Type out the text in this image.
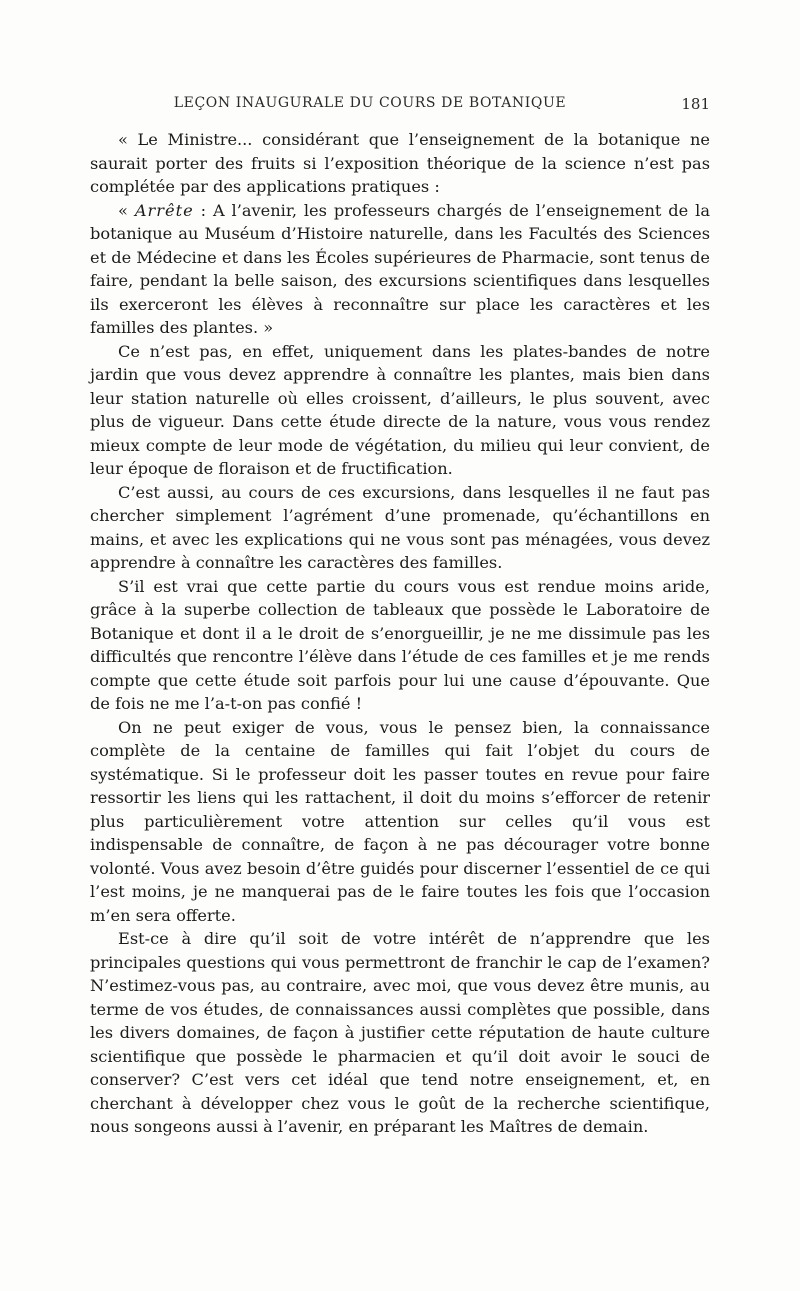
LEÇON INAUGURALE DU COURS DE BOTANIQUE	181

« Le Ministre... considérant que l’enseignement de la botanique ne saurait porter des fruits si l’exposition théorique de la science n’est pas complétée par des applications pratiques :

« Arrête : A l’avenir, les professeurs chargés de l’enseignement de la botanique au Muséum d’Histoire naturelle, dans les Facultés des Sciences et de Médecine et dans les Écoles supérieures de Pharmacie, sont tenus de faire, pendant la belle saison, des excursions scientifiques dans lesquelles ils exerceront les élèves à reconnaître sur place les caractères et les familles des plantes. »

Ce n’est pas, en effet, uniquement dans les plates-bandes de notre jardin que vous devez apprendre à connaître les plantes, mais bien dans leur station naturelle où elles croissent, d’ailleurs, le plus souvent, avec plus de vigueur. Dans cette étude directe de la nature, vous vous rendez mieux compte de leur mode de végétation, du milieu qui leur convient, de leur époque de floraison et de fructification.

C’est aussi, au cours de ces excursions, dans lesquelles il ne faut pas chercher simplement l’agrément d’une promenade, qu’échantillons en mains, et avec les explications qui ne vous sont pas ménagées, vous devez apprendre à connaître les caractères des familles.

S’il est vrai que cette partie du cours vous est rendue moins aride, grâce à la superbe collection de tableaux que possède le Laboratoire de Botanique et dont il a le droit de s’enorgueillir, je ne me dissimule pas les difficultés que rencontre l’élève dans l’étude de ces familles et je me rends compte que cette étude soit parfois pour lui une cause d’épouvante. Que de fois ne me l’a-t-on pas confié !

On ne peut exiger de vous, vous le pensez bien, la connaissance complète de la centaine de familles qui fait l’objet du cours de systématique. Si le professeur doit les passer toutes en revue pour faire ressortir les liens qui les rattachent, il doit du moins s’efforcer de retenir plus particulièrement votre attention sur celles qu’il vous est indispensable de connaître, de façon à ne pas décourager votre bonne volonté. Vous avez besoin d’être guidés pour discerner l’essentiel de ce qui l’est moins, je ne manquerai pas de le faire toutes les fois que l’occasion m’en sera offerte.

Est-ce à dire qu’il soit de votre intérêt de n’apprendre que les principales questions qui vous permettront de franchir le cap de l’examen? N’estimez-vous pas, au contraire, avec moi, que vous devez être munis, au terme de vos études, de connaissances aussi complètes que possible, dans les divers domaines, de façon à justifier cette réputation de haute culture scientifique que possède le pharmacien et qu’il doit avoir le souci de conserver? C’est vers cet idéal que tend notre enseignement, et, en cherchant à développer chez vous le goût de la recherche scientifique, nous songeons aussi à l’avenir, en préparant les Maîtres de demain.
